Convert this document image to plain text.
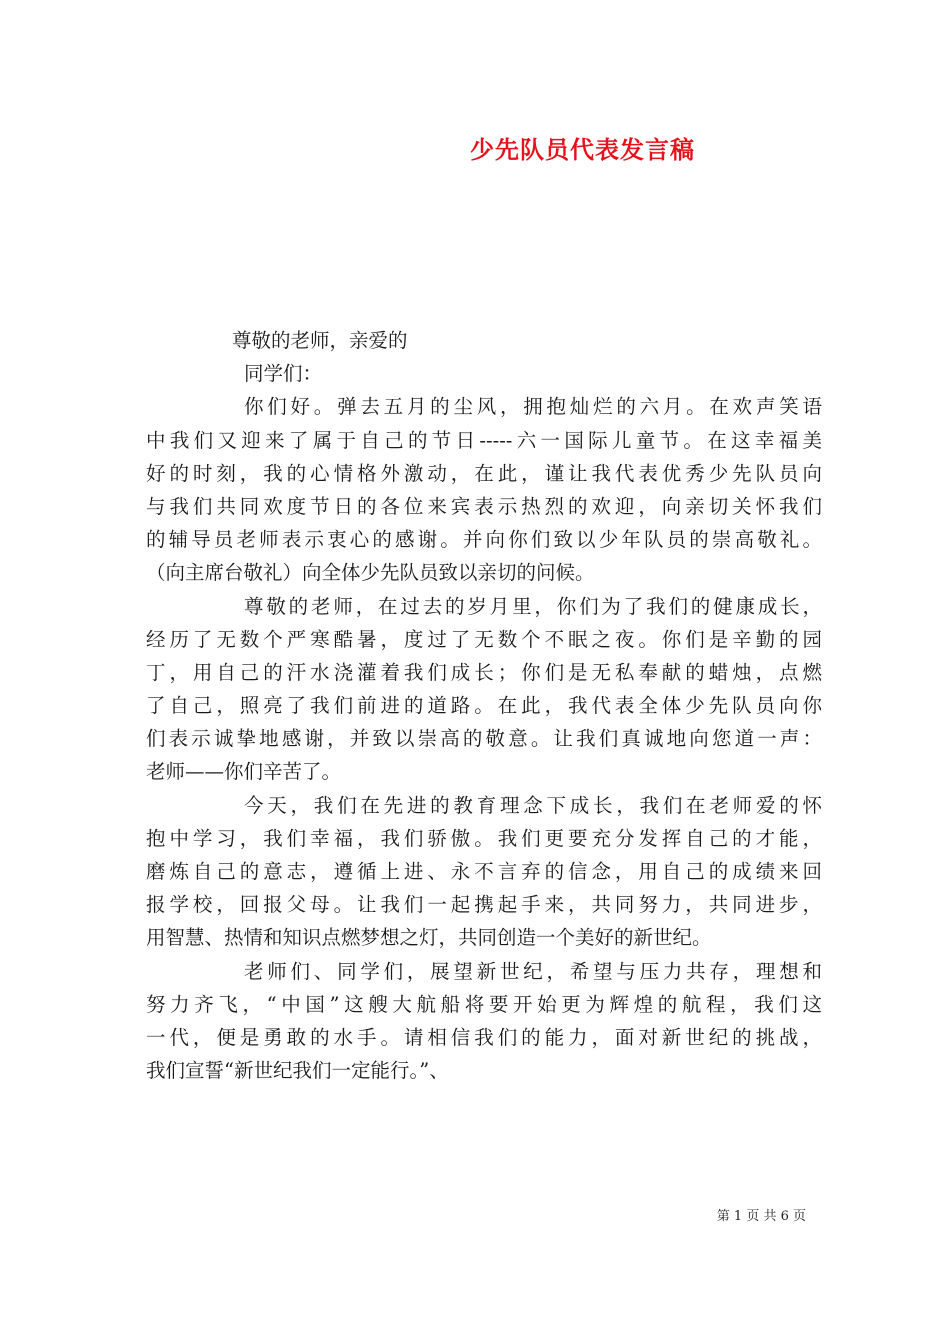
少先队员代表发言稿
尊敬的老师，亲爱的
同学们：
你们好。弹去五月的尘风，拥抱灿烂的六月。在欢声笑语
中我们又迎来了属于自己的节日-----六一国际儿童节。在这幸福美
好的时刻，我的心情格外激动，在此，谨让我代表优秀少先队员向
与我们共同欢度节日的各位来宾表示热烈的欢迎，向亲切关怀我们
的辅导员老师表示衷心的感谢。并向你们致以少年队员的崇高敬礼。
（向主席台敬礼）向全体少先队员致以亲切的问候。
尊敬的老师，在过去的岁月里，你们为了我们的健康成长，
经历了无数个严寒酷暑，度过了无数个不眠之夜。你们是辛勤的园
丁，用自己的汗水浇灌着我们成长；你们是无私奉献的蜡烛，点燃
了自己，照亮了我们前进的道路。在此，我代表全体少先队员向你
们表示诚挚地感谢，并致以崇高的敬意。让我们真诚地向您道一声：
老师——你们辛苦了。
今天，我们在先进的教育理念下成长，我们在老师爱的怀
抱中学习，我们幸福，我们骄傲。我们更要充分发挥自己的才能，
磨炼自己的意志，遵循上进、永不言弃的信念，用自己的成绩来回
报学校，回报父母。让我们一起携起手来，共同努力，共同进步，
用智慧、热情和知识点燃梦想之灯，共同创造一个美好的新世纪。
老师们、同学们，展望新世纪，希望与压力共存，理想和
努力齐飞，“中国”这艘大航船将要开始更为辉煌的航程，我们这
一代，便是勇敢的水手。请相信我们的能力，面对新世纪的挑战，
我们宣誓“新世纪我们一定能行。”、
第 1 页 共 6 页
